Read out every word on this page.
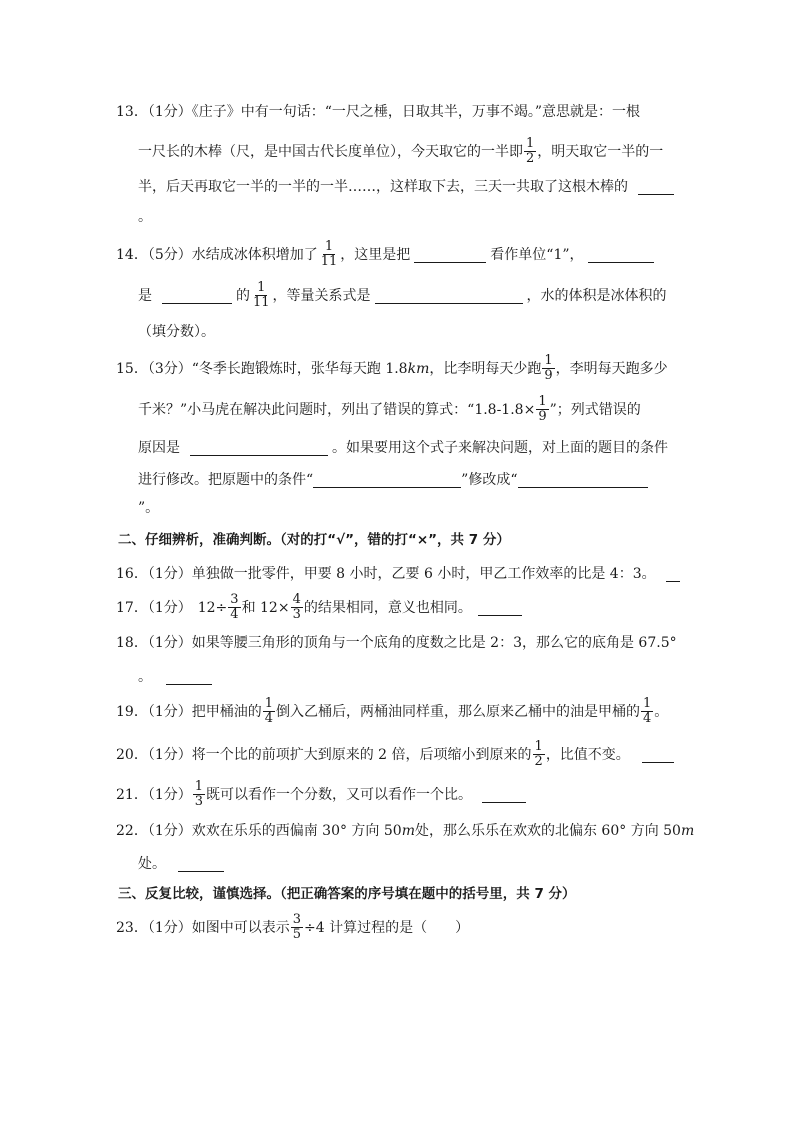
13．（1分）《庄子》中有一句话：“一尺之棰，日取其半，万事不竭。”意思就是：一根
一尺长的木棒（尺，是中国古代长度单位），今天取它的一半即 $\frac{1}{2}$ ，明天取它一半的一
半，后天再取它一半的一半的一半……，这样取下去，三天一共取了这根木棒的
。
14．（5分）水结成冰体积增加了 $\frac{1}{11}$ ，这里是把	看作单位“1”，
是	的 $\frac{1}{11}$ ，等量关系式是	，水的体积是冰体积的
（填分数）。
15．（3分）“冬季长跑锻炼时，张华每天跑 1.8 km ，比李明每天少跑 $\frac{1}{9}$ ，李明每天跑多少
千米？”小马虎在解决此问题时，列出了错误的算式：“$1.8-1.8\times \frac{1}{9}$ ”；列式错误的
原因是	。如果要用这个式子来解决问题，对上面的题目的条件
进行修改。把原题中的条件“	”修改成“
”。
二、仔细辨析，准确判断。（对的打“√”，错的打“×”，共 7 分）
16．（1分）单独做一批零件，甲要 8 小时，乙要 6 小时，甲乙工作效率的比是 4：3。
17．（1分） $12\div \frac{3}{4}$ 和 $12\times \frac{4}{3}$ 的结果相同，意义也相同。
18．（1分）如果等腰三角形的顶角与一个底角的度数之比是 2：3，那么它的底角是 67.5°
。
19．（1分）把甲桶油的 $\frac{1}{4}$ 倒入乙桶后，两桶油同样重，那么原来乙桶中的油是甲桶的 $\frac{1}{4}$ 。
20．（1分）将一个比的前项扩大到原来的 2 倍，后项缩小到原来的 $\frac{1}{2}$ ，比值不变。
21．（1分） $\frac{1}{3}$ 既可以看作一个分数，又可以看作一个比。
22．（1分）欢欢在乐乐的西偏南 30° 方向 50 m 处，那么乐乐在欢欢的北偏东 60° 方向 50 m
处。
三、反复比较，谨慎选择。（把正确答案的序号填在题中的括号里，共 7 分）
23．（1分）如图中可以表示 $\frac{3}{5} \div 4$ 计算过程的是（　　）
